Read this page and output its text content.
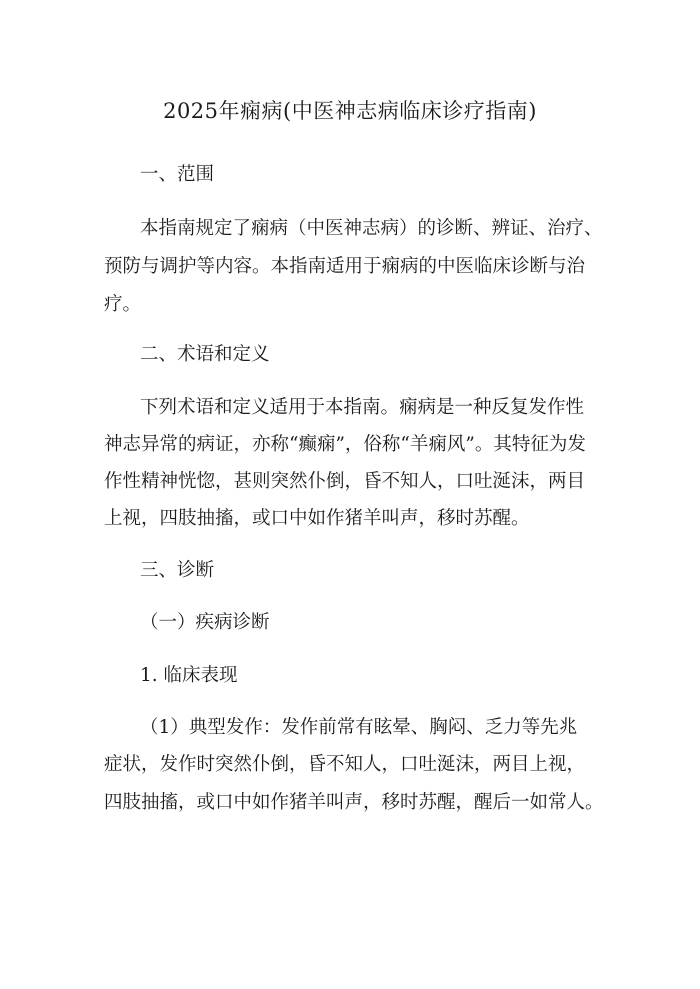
2025年痫病(中医神志病临床诊疗指南)
一、范围
本指南规定了痫病（中医神志病）的诊断、辨证、治疗、
预防与调护等内容。本指南适用于痫病的中医临床诊断与治
疗。
二、术语和定义
下列术语和定义适用于本指南。痫病是一种反复发作性
神志异常的病证，亦称“癫痫”，俗称“羊痫风”。其特征为发
作性精神恍惚，甚则突然仆倒，昏不知人，口吐涎沫，两目
上视，四肢抽搐，或口中如作猪羊叫声，移时苏醒。
三、诊断
（一）疾病诊断
1. 临床表现
（1）典型发作：发作前常有眩晕、胸闷、乏力等先兆
症状，发作时突然仆倒，昏不知人，口吐涎沫，两目上视，
四肢抽搐，或口中如作猪羊叫声，移时苏醒，醒后一如常人。
